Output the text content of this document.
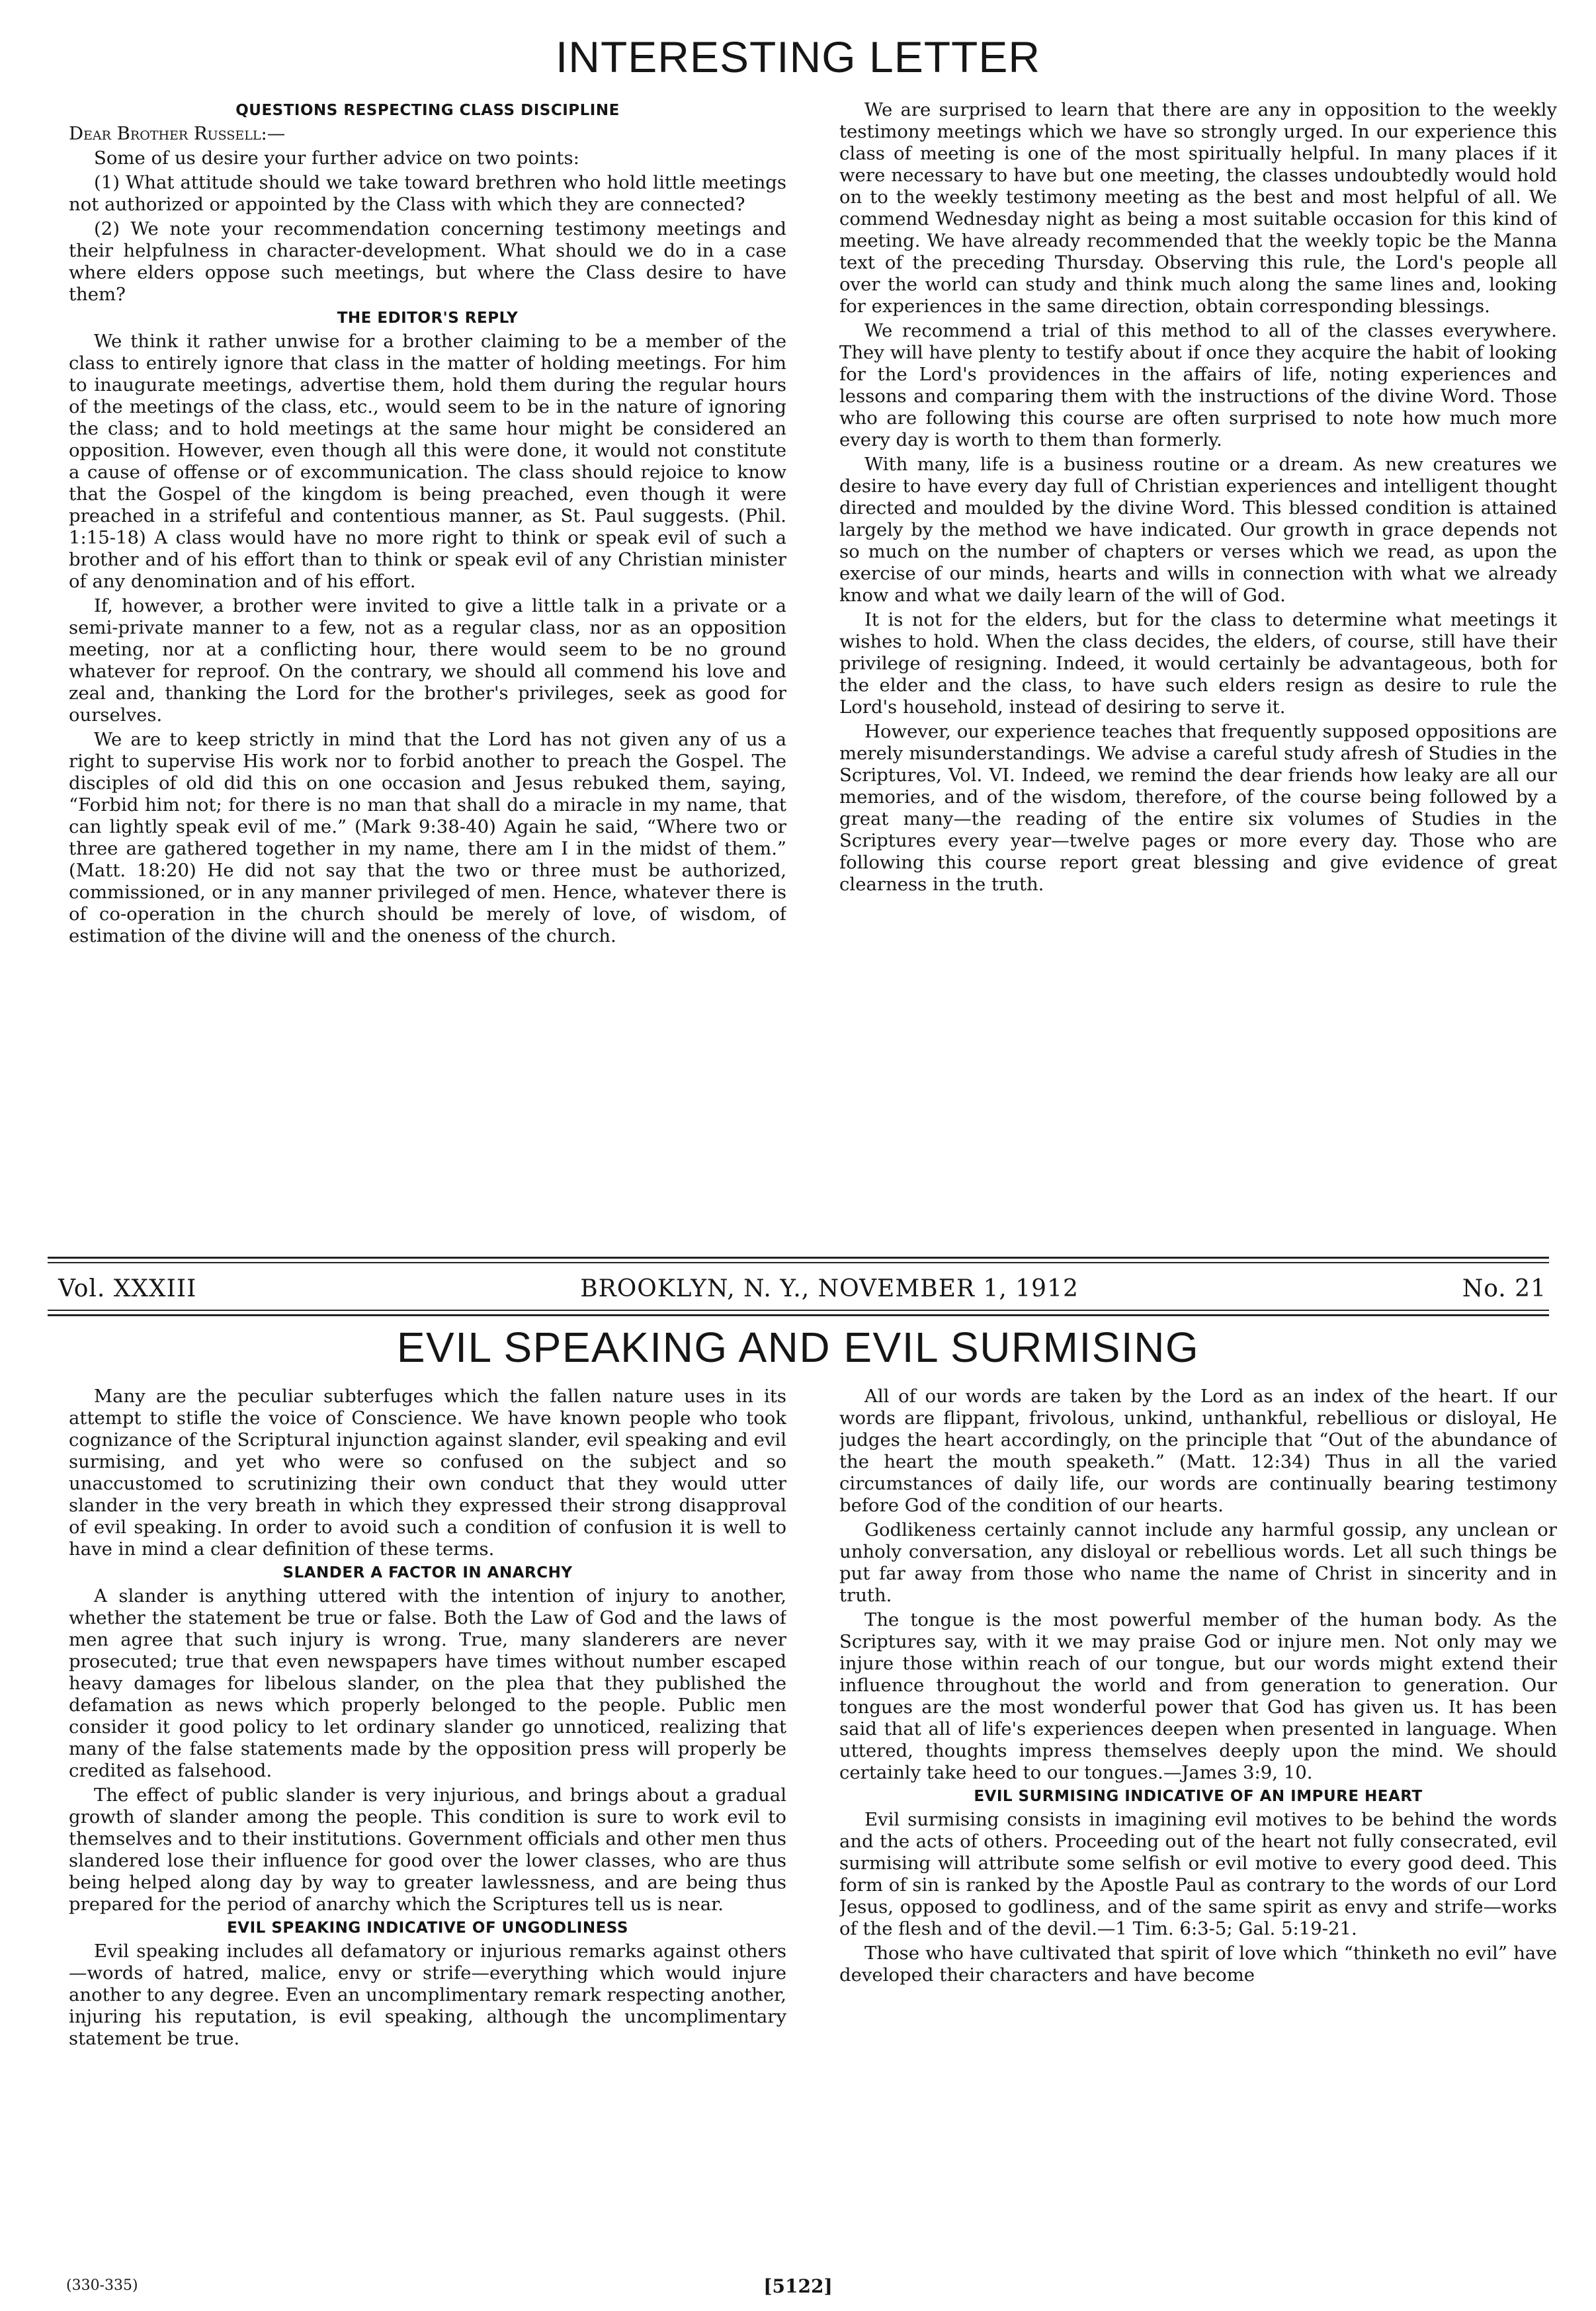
INTERESTING LETTER
QUESTIONS RESPECTING CLASS DISCIPLINE

Dear Brother Russell:—

Some of us desire your further advice on two points:

(1) What attitude should we take toward brethren who hold little meetings not authorized or appointed by the Class with which they are connected?

(2) We note your recommendation concerning testimony meetings and their helpfulness in character-development. What should we do in a case where elders oppose such meetings, but where the Class desire to have them?

THE EDITOR'S REPLY

We think it rather unwise for a brother claiming to be a member of the class to entirely ignore that class in the matter of holding meetings. For him to inaugurate meetings, advertise them, hold them during the regular hours of the meetings of the class, etc., would seem to be in the nature of ignoring the class; and to hold meetings at the same hour might be considered an opposition. However, even though all this were done, it would not constitute a cause of offense or of excommunication. The class should rejoice to know that the Gospel of the kingdom is being preached, even though it were preached in a strifeful and contentious manner, as St. Paul suggests. (Phil. 1:15-18) A class would have no more right to think or speak evil of such a brother and of his effort than to think or speak evil of any Christian minister of any denomination and of his effort.

If, however, a brother were invited to give a little talk in a private or a semi-private manner to a few, not as a regular class, nor as an opposition meeting, nor at a conflicting hour, there would seem to be no ground whatever for reproof. On the contrary, we should all commend his love and zeal and, thanking the Lord for the brother's privileges, seek as good for ourselves.

We are to keep strictly in mind that the Lord has not given any of us a right to supervise His work nor to forbid another to preach the Gospel. The disciples of old did this on one occasion and Jesus rebuked them, saying, “Forbid him not; for there is no man that shall do a miracle in my name, that can lightly speak evil of me.” (Mark 9:38-40) Again he said, “Where two or three are gathered together in my name, there am I in the midst of them.” (Matt. 18:20) He did not say that the two or three must be authorized, commissioned, or in any manner privileged of men. Hence, whatever there is of co-operation in the church should be merely of love, of wisdom, of estimation of the divine will and the oneness of the church.

We are surprised to learn that there are any in opposition to the weekly testimony meetings which we have so strongly urged. In our experience this class of meeting is one of the most spiritually helpful. In many places if it were necessary to have but one meeting, the classes undoubtedly would hold on to the weekly testimony meeting as the best and most helpful of all. We commend Wednesday night as being a most suitable occasion for this kind of meeting. We have already recommended that the weekly topic be the Manna text of the preceding Thursday. Observing this rule, the Lord's people all over the world can study and think much along the same lines and, looking for experiences in the same direction, obtain corresponding blessings.

We recommend a trial of this method to all of the classes everywhere. They will have plenty to testify about if once they acquire the habit of looking for the Lord's providences in the affairs of life, noting experiences and lessons and comparing them with the instructions of the divine Word. Those who are following this course are often surprised to note how much more every day is worth to them than formerly.

With many, life is a business routine or a dream. As new creatures we desire to have every day full of Christian experiences and intelligent thought directed and moulded by the divine Word. This blessed condition is attained largely by the method we have indicated. Our growth in grace depends not so much on the number of chapters or verses which we read, as upon the exercise of our minds, hearts and wills in connection with what we already know and what we daily learn of the will of God.

It is not for the elders, but for the class to determine what meetings it wishes to hold. When the class decides, the elders, of course, still have their privilege of resigning. Indeed, it would certainly be advantageous, both for the elder and the class, to have such elders resign as desire to rule the Lord's household, instead of desiring to serve it.

However, our experience teaches that frequently supposed oppositions are merely misunderstandings. We advise a careful study afresh of Studies in the Scriptures, Vol. VI. Indeed, we remind the dear friends how leaky are all our memories, and of the wisdom, therefore, of the course being followed by a great many—the reading of the entire six volumes of Studies in the Scriptures every year—twelve pages or more every day. Those who are following this course report great blessing and give evidence of great clearness in the truth.

Vol. XXXIII	BROOKLYN, N. Y., NOVEMBER 1, 1912	No. 21
EVIL SPEAKING AND EVIL SURMISING

Many are the peculiar subterfuges which the fallen nature uses in its attempt to stifle the voice of Conscience. We have known people who took cognizance of the Scriptural injunction against slander, evil speaking and evil surmising, and yet who were so confused on the subject and so unaccustomed to scrutinizing their own conduct that they would utter slander in the very breath in which they expressed their strong disapproval of evil speaking. In order to avoid such a condition of confusion it is well to have in mind a clear definition of these terms.

SLANDER A FACTOR IN ANARCHY

A slander is anything uttered with the intention of injury to another, whether the statement be true or false. Both the Law of God and the laws of men agree that such injury is wrong. True, many slanderers are never prosecuted; true that even newspapers have times without number escaped heavy damages for libelous slander, on the plea that they published the defamation as news which properly belonged to the people. Public men consider it good policy to let ordinary slander go unnoticed, realizing that many of the false statements made by the opposition press will properly be credited as falsehood.

The effect of public slander is very injurious, and brings about a gradual growth of slander among the people. This condition is sure to work evil to themselves and to their institutions. Government officials and other men thus slandered lose their influence for good over the lower classes, who are thus being helped along day by way to greater lawlessness, and are being thus prepared for the period of anarchy which the Scriptures tell us is near.

EVIL SPEAKING INDICATIVE OF UNGODLINESS

Evil speaking includes all defamatory or injurious remarks against others—words of hatred, malice, envy or strife—everything which would injure another to any degree. Even an uncomplimentary remark respecting another, injuring his reputation, is evil speaking, although the uncomplimentary statement be true.

All of our words are taken by the Lord as an index of the heart. If our words are flippant, frivolous, unkind, unthankful, rebellious or disloyal, He judges the heart accordingly, on the principle that “Out of the abundance of the heart the mouth speaketh.” (Matt. 12:34) Thus in all the varied circumstances of daily life, our words are continually bearing testimony before God of the condition of our hearts.

Godlikeness certainly cannot include any harmful gossip, any unclean or unholy conversation, any disloyal or rebellious words. Let all such things be put far away from those who name the name of Christ in sincerity and in truth.

The tongue is the most powerful member of the human body. As the Scriptures say, with it we may praise God or injure men. Not only may we injure those within reach of our tongue, but our words might extend their influence throughout the world and from generation to generation. Our tongues are the most wonderful power that God has given us. It has been said that all of life's experiences deepen when presented in language. When uttered, thoughts impress themselves deeply upon the mind. We should certainly take heed to our tongues.—James 3:9, 10.

EVIL SURMISING INDICATIVE OF AN IMPURE HEART

Evil surmising consists in imagining evil motives to be behind the words and the acts of others. Proceeding out of the heart not fully consecrated, evil surmising will attribute some selfish or evil motive to every good deed. This form of sin is ranked by the Apostle Paul as contrary to the words of our Lord Jesus, opposed to godliness, and of the same spirit as envy and strife—works of the flesh and of the devil.—1 Tim. 6:3-5; Gal. 5:19-21.

Those who have cultivated that spirit of love which “thinketh no evil” have developed their characters and have become

(330-335)	[5122]
